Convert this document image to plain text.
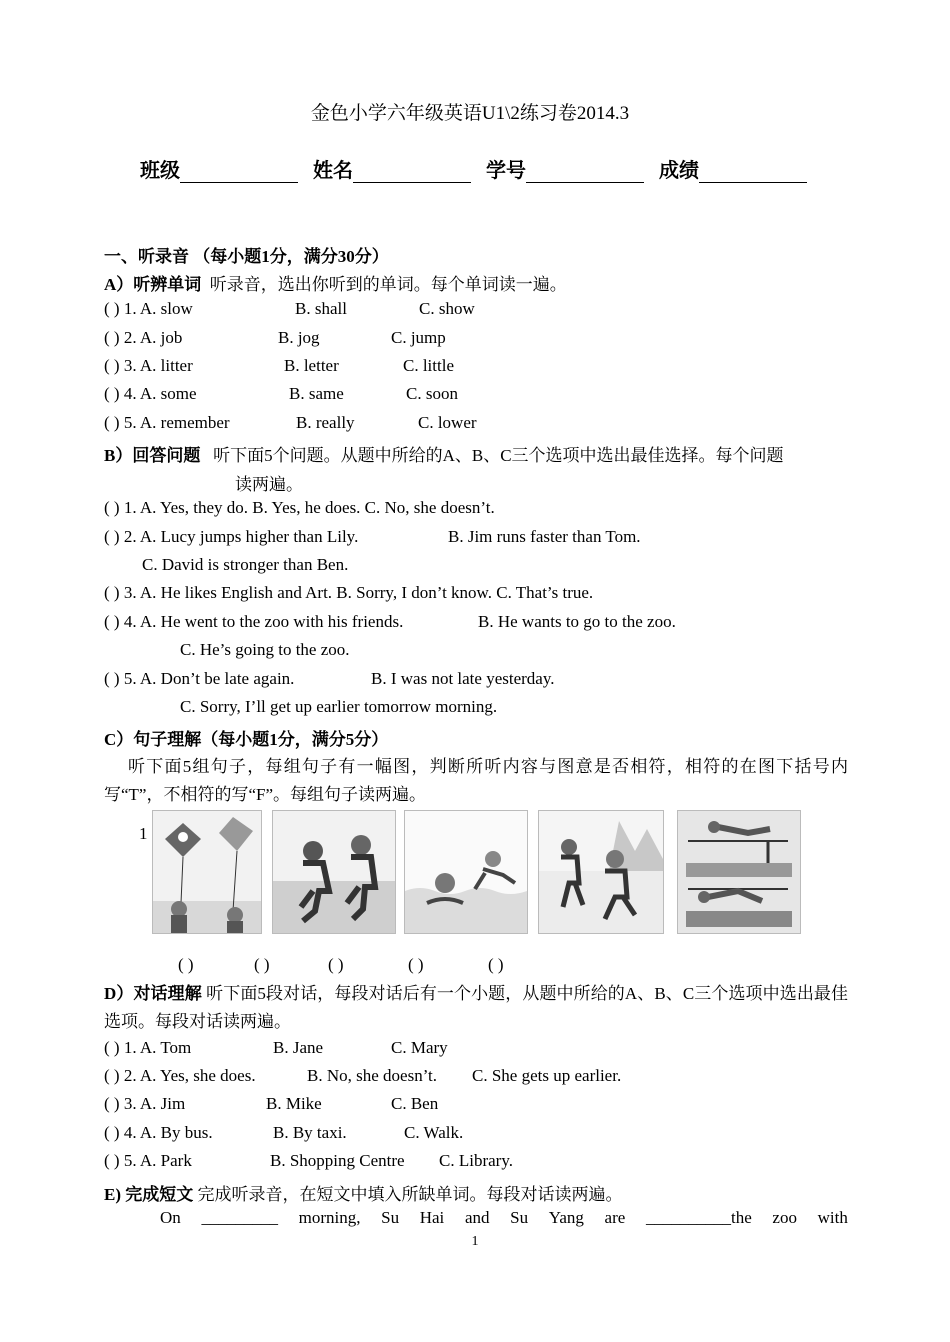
金色小学六年级英语U1\2练习卷2014.3
班级	姓名	学号	成绩
一、听录音 （每小题1分，满分30分）
A）听辨单词 听录音，选出你听到的单词。每个单词读一遍。
( ) 1. A. slow	B. shall	C. show
( ) 2. A. job	B. jog	C. jump
( ) 3. A. litter	B. letter	C. little
( ) 4. A. some	B. same	C. soon
( ) 5. A. remember	B. really	C. lower
B）回答问题 听下面5个问题。从题中所给的A、B、C三个选项中选出最佳选择。每个问题
读两遍。
( ) 1. A. Yes, they do. B. Yes, he does. C. No, she doesn’t.
( ) 2. A. Lucy jumps higher than Lily.	B. Jim runs faster than Tom.
C. David is stronger than Ben.
( ) 3. A. He likes English and Art. B. Sorry, I don’t know. C. That’s true.
( ) 4. A. He went to the zoo with his friends.	B. He wants to go to the zoo.
C. He’s going to the zoo.
( ) 5. A. Don’t be late again.	B. I was not late yesterday.
C. Sorry, I’ll get up earlier tomorrow morning.
C）句子理解（每小题1分，满分5分）
听下面5组句子，每组句子有一幅图，判断所听内容与图意是否相符，相符的在图下括号内写“T”，不相符的写“F”。每组句子读两遍。
1
( )	( )	( )	( )	( )
D）对话理解 听下面5段对话，每段对话后有一个小题，从题中所给的A、B、C三个选项中选出最佳选项。每段对话读两遍。
( ) 1. A. Tom	B. Jane	C. Mary
( ) 2. A. Yes, she does.	B. No, she doesn’t. C. She gets up earlier.
( ) 3. A. Jim	B. Mike	C. Ben
( ) 4. A. By bus.	B. By taxi.	C. Walk.
( ) 5. A. Park	B. Shopping Centre C. Library.
E) 完成短文 完成听录音，在短文中填入所缺单词。每段对话读两遍。
On _________ morning, Su Hai and Su Yang are __________the zoo with
1
